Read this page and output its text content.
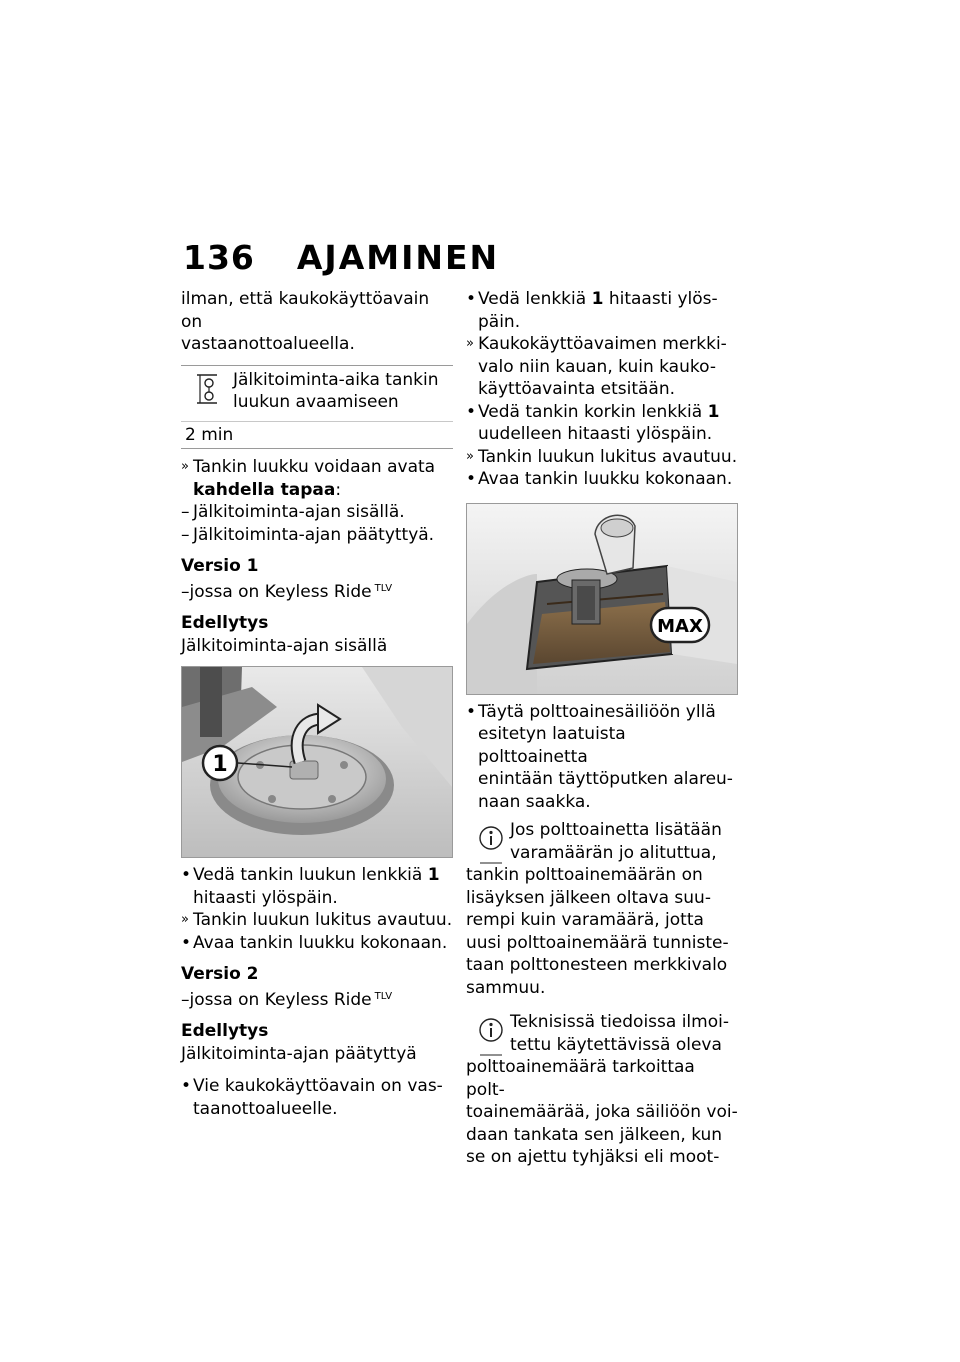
136 AJAMINEN

ilman, että kaukokäyttöavain on

vastaanottoalueella.

Jälkitoiminta-aika tankin

luukun avaamiseen

2 min
» Tankin luukku voidaan avata

kahdella tapaa:

– Jälkitoiminta-ajan sisällä.

– Jälkitoiminta-ajan päätyttyä.

Versio 1

–jossa on Keyless Ride $^{TLV}$

Edellytys

Jälkitoiminta-ajan sisällä

1
• Vedä tankin luukun lenkkiä 1

hitaasti ylöspäin.

» Tankin luukun lukitus avautuu.

• Avaa tankin luukku kokonaan.

Versio 2

–jossa on Keyless Ride $^{TLV}$

Edellytys

Jälkitoiminta-ajan päätyttyä

• Vie kaukokäyttöavain on vas-

taanottoalueelle.

• Vedä lenkkiä 1 hitaasti ylös-

päin.

» Kaukokäyttöavaimen merkki-

valo niin kauan, kuin kauko-

käyttöavainta etsitään.

• Vedä tankin korkin lenkkiä 1

uudelleen hitaasti ylöspäin.

» Tankin luukun lukitus avautuu.

• Avaa tankin luukku kokonaan.

MAX
• Täytä polttoainesäiliöön yllä

esitetyn laatuista polttoainetta

enintään täyttöputken alareu-

naan saakka.

Jos polttoainetta lisätään

varamäärän jo alituttua,

tankin polttoainemäärän on

lisäyksen jälkeen oltava suu-

rempi kuin varamäärä, jotta

uusi polttoainemäärä tunniste-

taan polttonesteen merkkivalo

sammuu.

Teknisissä tiedoissa ilmoi-

tettu käytettävissä oleva

polttoainemäärä tarkoittaa polt-

toainemäärää, joka säiliöön voi-

daan tankata sen jälkeen, kun

se on ajettu tyhjäksi eli moot-
